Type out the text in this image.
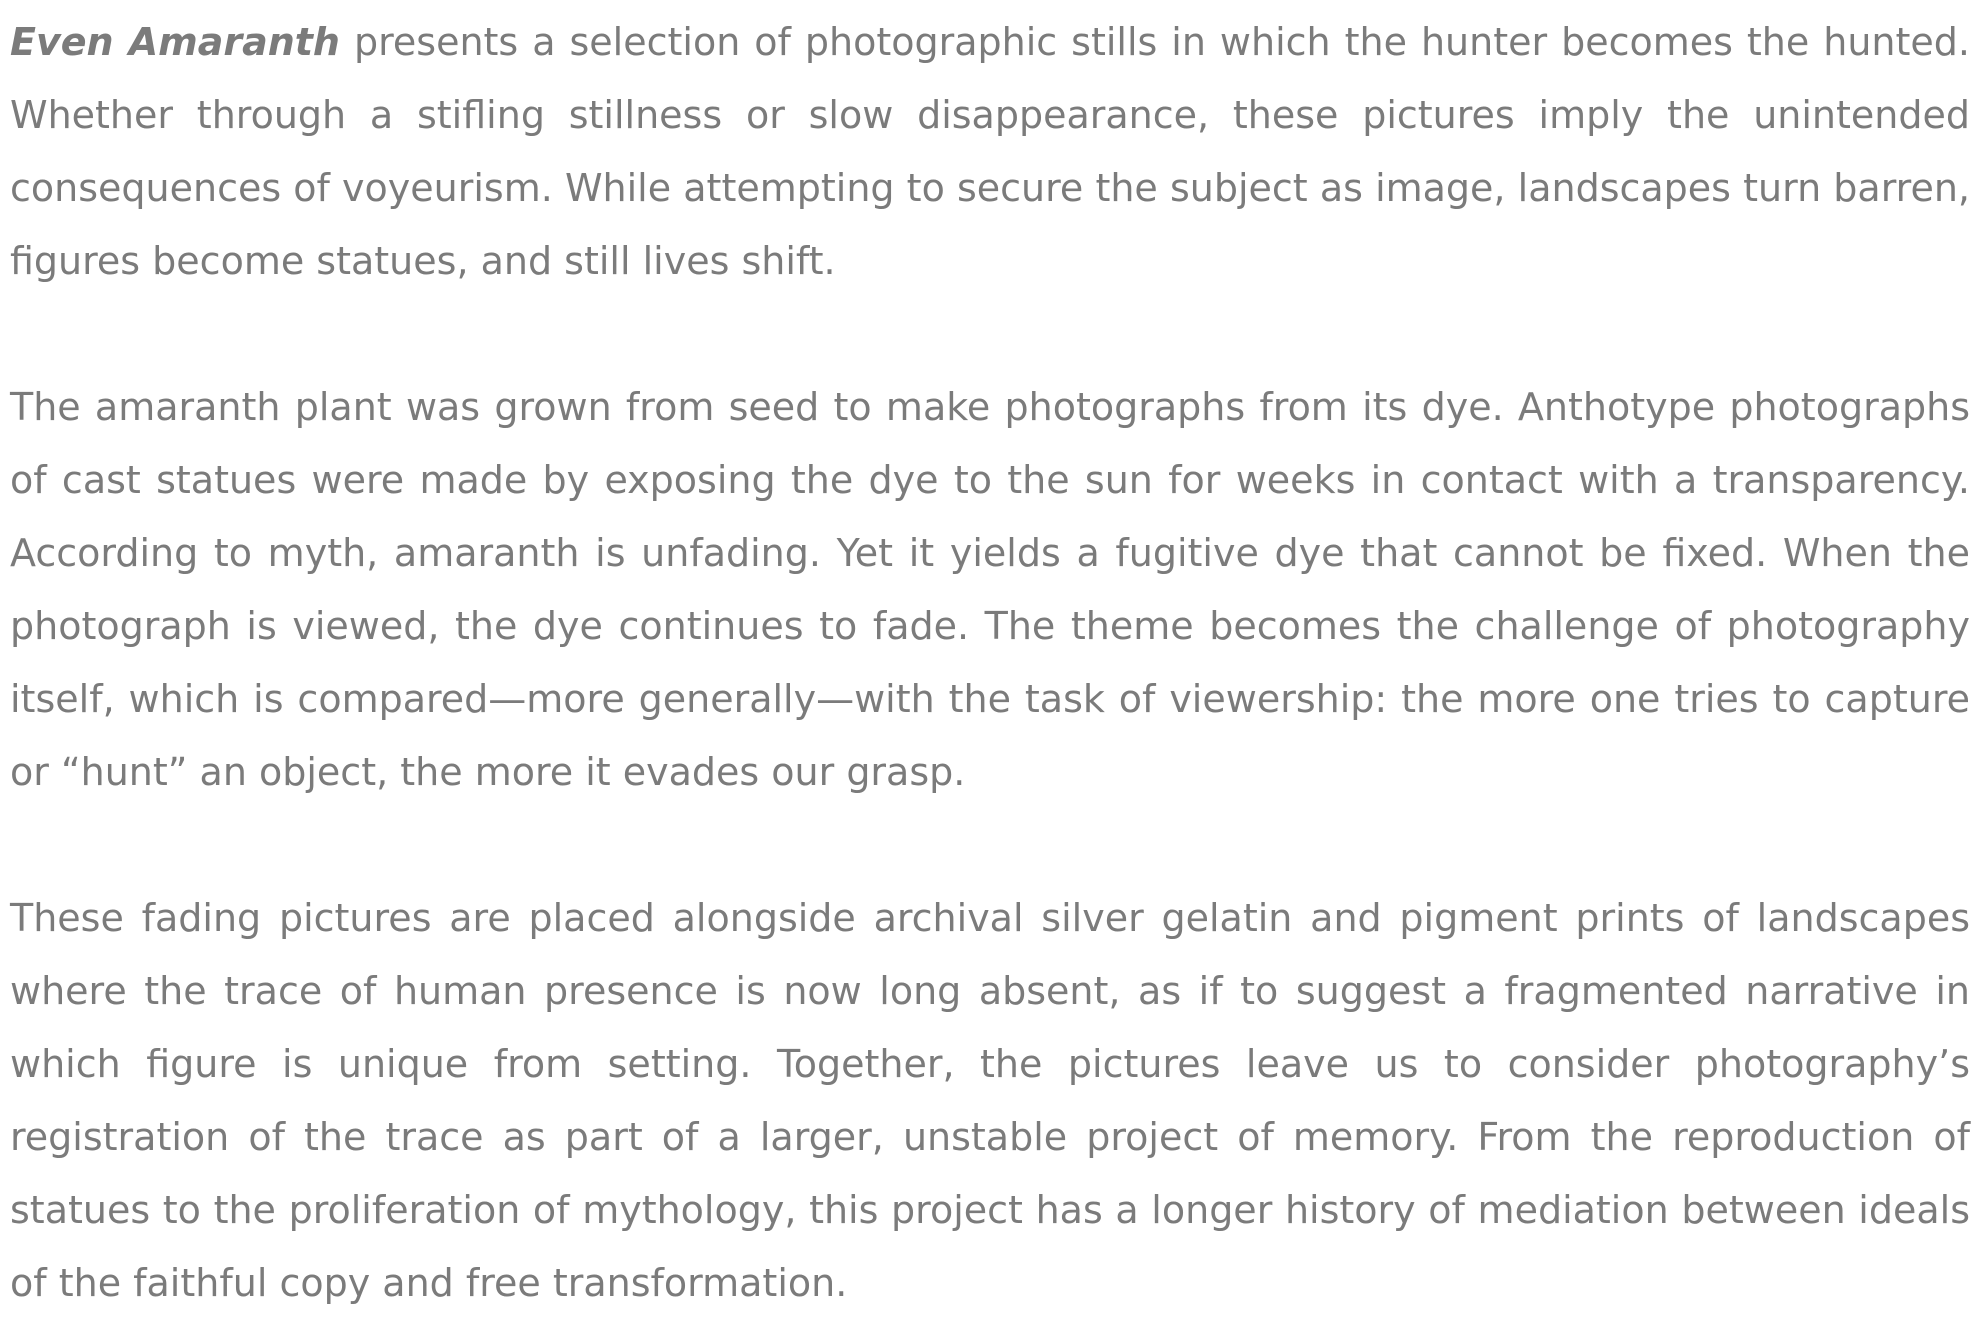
Even Amaranth presents a selection of photographic stills in which the hunter becomes the hunted. Whether through a stifling stillness or slow disappearance, these pictures imply the unintended consequences of voyeurism. While attempting to secure the subject as image, landscapes turn barren, figures become statues, and still lives shift.

The amaranth plant was grown from seed to make photographs from its dye. Anthotype photographs of cast statues were made by exposing the dye to the sun for weeks in contact with a transparency. According to myth, amaranth is unfading. Yet it yields a fugitive dye that cannot be fixed. When the photograph is viewed, the dye continues to fade. The theme becomes the challenge of photography itself, which is compared—more generally—with the task of viewership: the more one tries to capture or “hunt” an object, the more it evades our grasp.

These fading pictures are placed alongside archival silver gelatin and pigment prints of landscapes where the trace of human presence is now long absent, as if to suggest a fragmented narrative in which figure is unique from setting. Together, the pictures leave us to consider photography’s registration of the trace as part of a larger, unstable project of memory. From the reproduction of statues to the proliferation of mythology, this project has a longer history of mediation between ideals of the faithful copy and free transformation.
